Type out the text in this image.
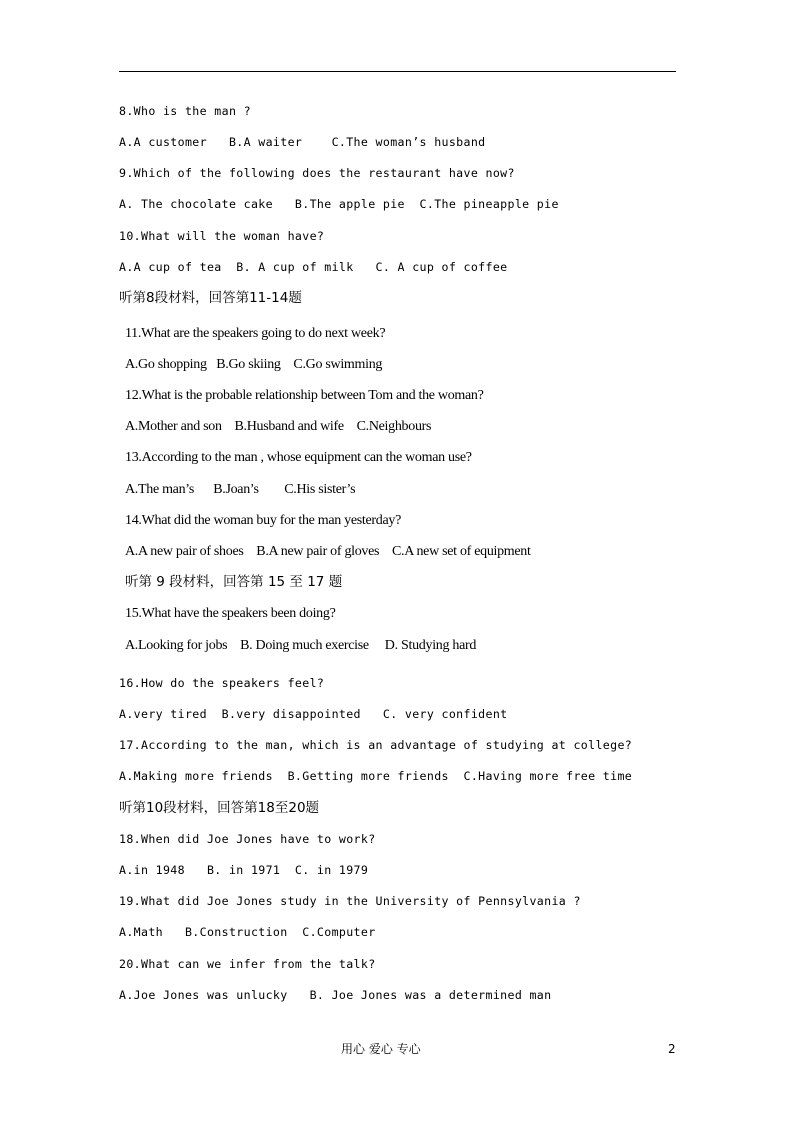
8.Who is the man ?
A.A customer   B.A waiter    C.The woman’s husband
9.Which of the following does the restaurant have now?
A. The chocolate cake   B.The apple pie  C.The pineapple pie
10.What will the woman have?
A.A cup of tea  B. A cup of milk   C. A cup of coffee
听第8段材料，回答第11-14题
11.What are the speakers going to do next week?
A.Go shopping   B.Go skiing    C.Go swimming
12.What is the probable relationship between Tom and the woman?
A.Mother and son    B.Husband and wife    C.Neighbours
13.According to the man , whose equipment can the woman use?
A.The man’s      B.Joan’s        C.His sister’s
14.What did the woman buy for the man yesterday?
A.A new pair of shoes    B.A new pair of gloves    C.A new set of equipment
听第 9 段材料，回答第 15 至 17 题
15.What have the speakers been doing?
A.Looking for jobs    B. Doing much exercise     D. Studying hard
16.How do the speakers feel?
A.very tired  B.very disappointed   C. very confident
17.According to the man, which is an advantage of studying at college?
A.Making more friends  B.Getting more friends  C.Having more free time
听第10段材料，回答第18至20题
18.When did Joe Jones have to work?
A.in 1948   B. in 1971  C. in 1979
19.What did Joe Jones study in the University of Pennsylvania ?
A.Math   B.Construction  C.Computer
20.What can we infer from the talk?
A.Joe Jones was unlucky   B. Joe Jones was a determined man
用心 爱心 专心	2
